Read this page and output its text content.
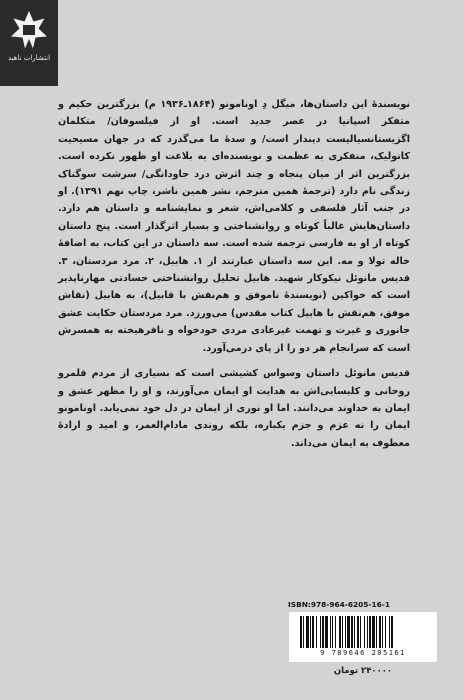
انتشارات ناهید

نویسندهٔ این داستان‌ها، میگل دِ اونامونو (۱۸۶۴ـ۱۹۳۶ م) بزرگترین حکیم و متفکر اسپانیا در عصر جدید است. او از فیلسوفان/ متکلمان اگزیستانسیالیست دیندار است/ و سدهٔ ما می‌گذرد که در جهان مسیحیت کاتولیک، متفکری به عظمت و نویسنده‌ای به بلاغت او ظهور نکرده است. بزرگترین اثر از میان پنجاه و چند اثرش درد جاودانگی/ سرشت سوگناک زندگی نام دارد (ترجمهٔ همین مترجم، نشر همین ناشر، چاپ نهم ۱۳۹۱). او در جنب آثار فلسفی و کلامی‌اش، شعر و نمایشنامه و داستان هم دارد. داستان‌هایش غالباً کوتاه و روانشناختی و بسیار اثرگذار است. پنج داستان کوتاه از او به فارسی ترجمه شده است. سه داستان در این کتاب، به اضافهٔ خاله تولا و مه. این سه داستان عبارتند از ۱. هابیل، ۲. مرد مردستان، ۳. قدیس مانوئل نیکوکار شهید. هابیل تحلیل روانشناختی حسادتی مهارناپذیر است که خواکین (نویسندهٔ ناموفق و هم‌نقش با قابیل)، به هابیل (نقاش موفق، هم‌نقش با هابیل کتاب مقدس) می‌ورزد. مرد مردستان حکایت عشق جانوری و غیرت و تهمت غیرعادی مردی خودخواه و نافرهیخته به همسرش است که سرانجام هر دو را از پای درمی‌آورد.

قدیس مانوئل داستان وسواس کشیشی است که بسیاری از مردم قلمرو روحانی و کلیسایی‌اش به هدایت او ایمان می‌آورند، و او را مظهر عشق و ایمان به خداوند می‌دانند. اما او نوری از ایمان در دل خود نمی‌یابد. اونامونو ایمان را نه عزم و جزم یکباره، بلکه روندی مادام‌العمر، و امید و ارادهٔ معطوف به ایمان می‌داند.

ISBN:978-964-6205-16-1
9 789646 205161
۲۴۰۰۰۰ تومان
